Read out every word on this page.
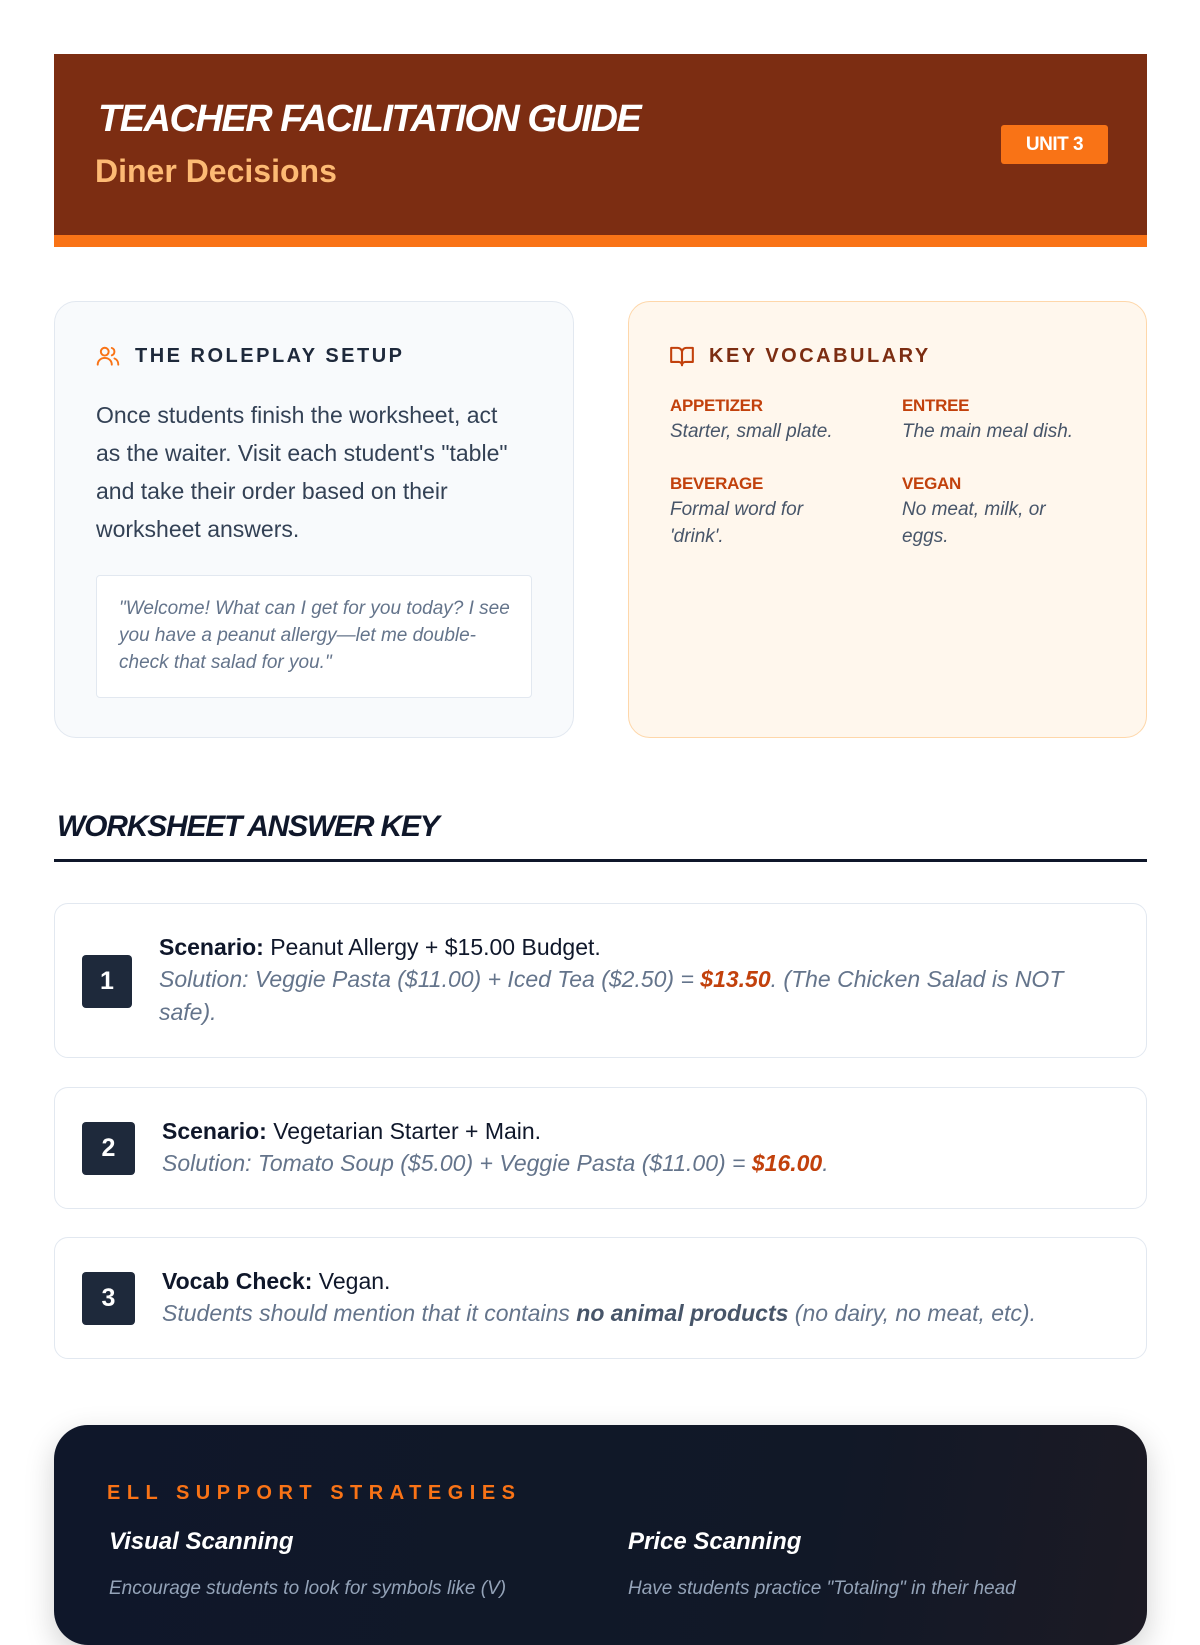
TEACHER FACILITATION GUIDE
Diner Decisions
UNIT 3
THE ROLEPLAY SETUP
Once students finish the worksheet, act as the waiter. Visit each student's "table" and take their order based on their worksheet answers.
"Welcome! What can I get for you today? I see you have a peanut allergy—let me double-check that salad for you."
KEY VOCABULARY
APPETIZER
Starter, small plate.
ENTREE
The main meal dish.
BEVERAGE
Formal word for 'drink'.
VEGAN
No meat, milk, or eggs.
WORKSHEET ANSWER KEY
1
Scenario: Peanut Allergy + $15.00 Budget.
Solution: Veggie Pasta ($11.00) + Iced Tea ($2.50) = $13.50. (The Chicken Salad is NOT safe).
2
Scenario: Vegetarian Starter + Main.
Solution: Tomato Soup ($5.00) + Veggie Pasta ($11.00) = $16.00.
3
Vocab Check: Vegan.
Students should mention that it contains no animal products (no dairy, no meat, etc).
ELL SUPPORT STRATEGIES
Visual Scanning
Encourage students to look for symbols like (V)
Price Scanning
Have students practice "Totaling" in their head
